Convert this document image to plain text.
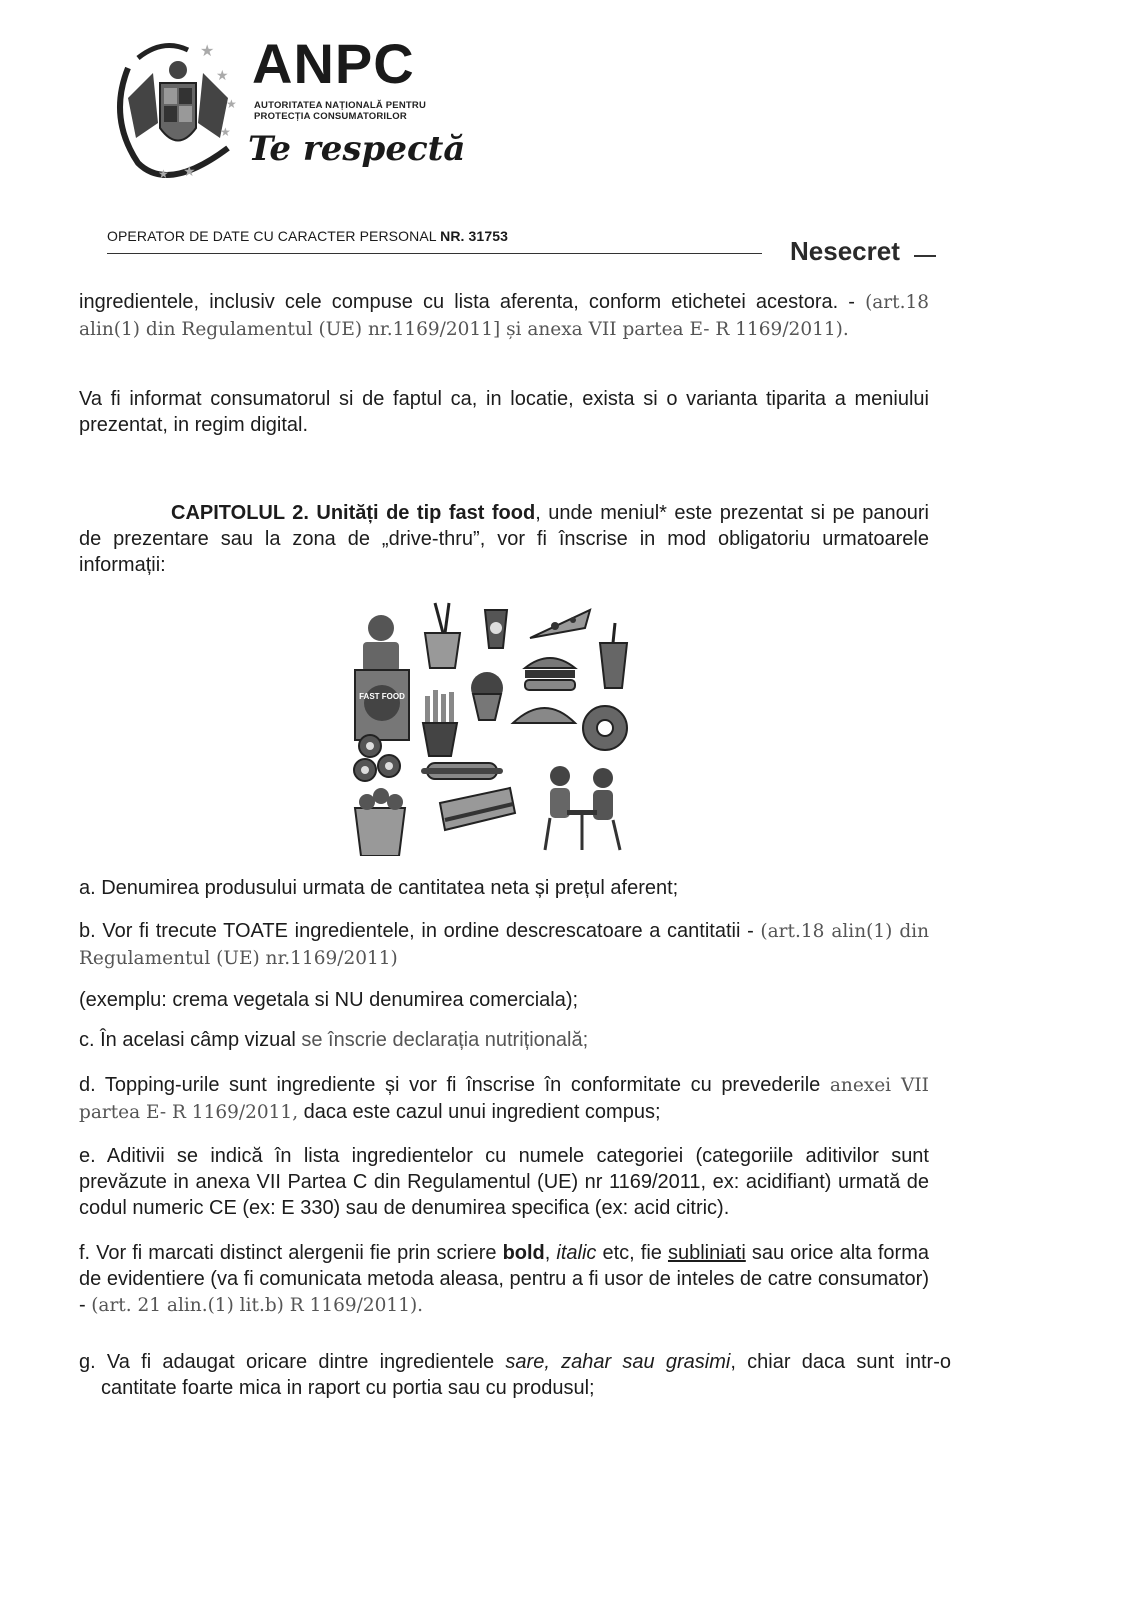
★
★
★
★
★
★
ANPC
AUTORITATEA NAȚIONALĂ PENTRU
PROTECȚIA CONSUMATORILOR
Te respectă
OPERATOR DE DATE CU CARACTER PERSONAL NR. 31753	Nesecret
ingredientele, inclusiv cele compuse cu lista aferenta, conform etichetei acestora. - (art.18 alin(1) din Regulamentul (UE) nr.1169/2011] și anexa VII partea E- R 1169/2011).
Va fi informat consumatorul si de faptul ca, in locatie, exista si o varianta tiparita a meniului prezentat, in regim digital.
CAPITOLUL 2. Unități de tip fast food, unde meniul* este prezentat si pe panouri de prezentare sau la zona de „drive-thru”, vor fi înscrise in mod obligatoriu urmatoarele informații:
FAST FOOD
a. Denumirea produsului urmata de cantitatea neta și prețul aferent;
b. Vor fi trecute TOATE ingredientele, in ordine descrescatoare a cantitatii - (art.18 alin(1) din Regulamentul (UE) nr.1169/2011)
(exemplu: crema vegetala si NU denumirea comerciala);
c. În acelasi câmp vizual se înscrie declarația nutrițională;
d. Topping-urile sunt ingrediente și vor fi înscrise în conformitate cu prevederile anexei VII partea E- R 1169/2011, daca este cazul unui ingredient compus;
e. Aditivii se indică în lista ingredientelor cu numele categoriei (categoriile aditivilor sunt prevăzute in anexa VII Partea C din Regulamentul (UE) nr 1169/2011, ex: acidifiant) urmată de codul numeric CE (ex: E 330) sau de denumirea specifica (ex: acid citric).
f. Vor fi marcati distinct alergenii fie prin scriere bold, italic etc, fie subliniati sau orice alta forma de evidentiere (va fi comunicata metoda aleasa, pentru a fi usor de inteles de catre consumator) - (art. 21 alin.(1) lit.b) R 1169/2011).
g. Va fi adaugat oricare dintre ingredientele sare, zahar sau grasimi, chiar daca sunt intr-o cantitate foarte mica in raport cu portia sau cu produsul;
